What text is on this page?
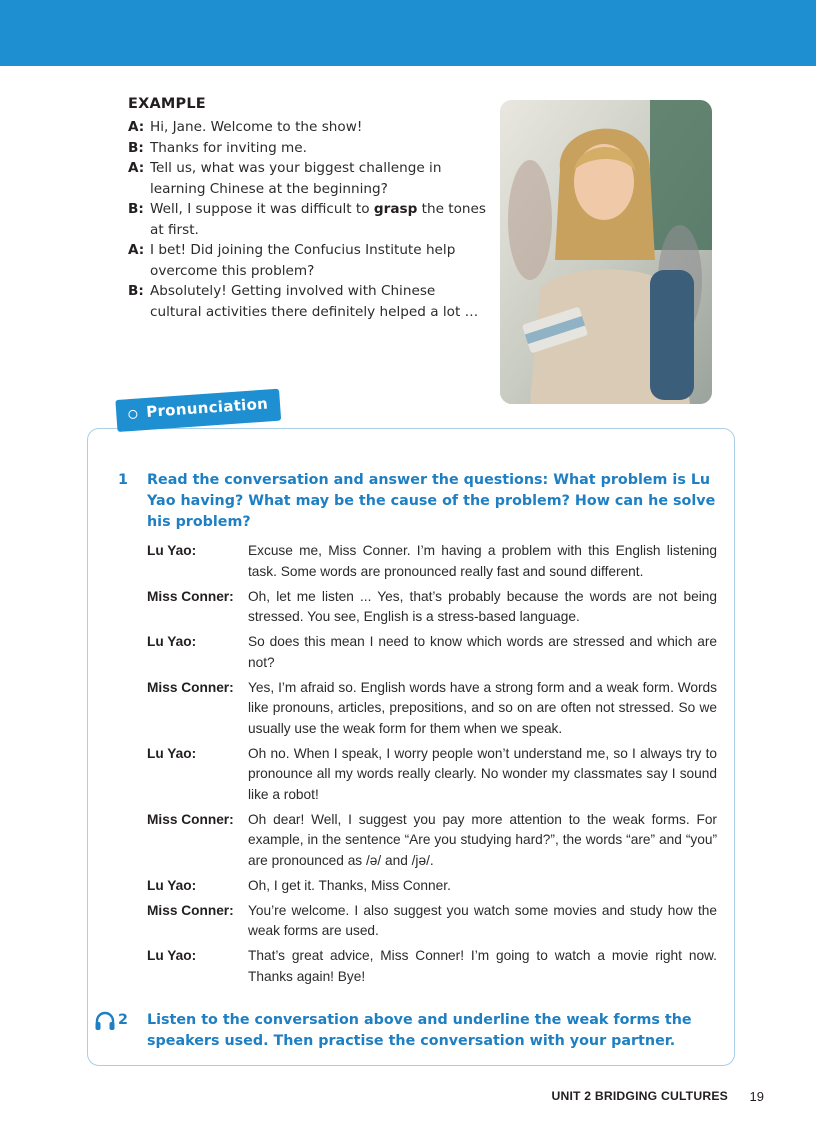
EXAMPLE
A: Hi, Jane. Welcome to the show!
B: Thanks for inviting me.
A: Tell us, what was your biggest challenge in learning Chinese at the beginning?
B: Well, I suppose it was difficult to grasp the tones at first.
A: I bet! Did joining the Confucius Institute help overcome this problem?
B: Absolutely! Getting involved with Chinese cultural activities there definitely helped a lot …
Pronunciation
1 Read the conversation and answer the questions: What problem is Lu Yao having? What may be the cause of the problem? How can he solve his problem?
Lu Yao:	Excuse me, Miss Conner. I’m having a problem with this English listening task. Some words are pronounced really fast and sound different.
Miss Conner:	Oh, let me listen ... Yes, that’s probably because the words are not being stressed. You see, English is a stress-based language.
Lu Yao:	So does this mean I need to know which words are stressed and which are not?
Miss Conner:	Yes, I’m afraid so. English words have a strong form and a weak form. Words like pronouns, articles, prepositions, and so on are often not stressed. So we usually use the weak form for them when we speak.
Lu Yao:	Oh no. When I speak, I worry people won’t understand me, so I always try to pronounce all my words really clearly. No wonder my classmates say I sound like a robot!
Miss Conner:	Oh dear! Well, I suggest you pay more attention to the weak forms. For example, in the sentence “Are you studying hard?”, the words “are” and “you” are pronounced as /ə/ and /jə/.
Lu Yao:	Oh, I get it. Thanks, Miss Conner.
Miss Conner:	You’re welcome. I also suggest you watch some movies and study how the weak forms are used.
Lu Yao:	That’s great advice, Miss Conner! I’m going to watch a movie right now. Thanks again! Bye!
2 Listen to the conversation above and underline the weak forms the speakers used. Then practise the conversation with your partner.
UNIT 2 BRIDGING CULTURES 19
